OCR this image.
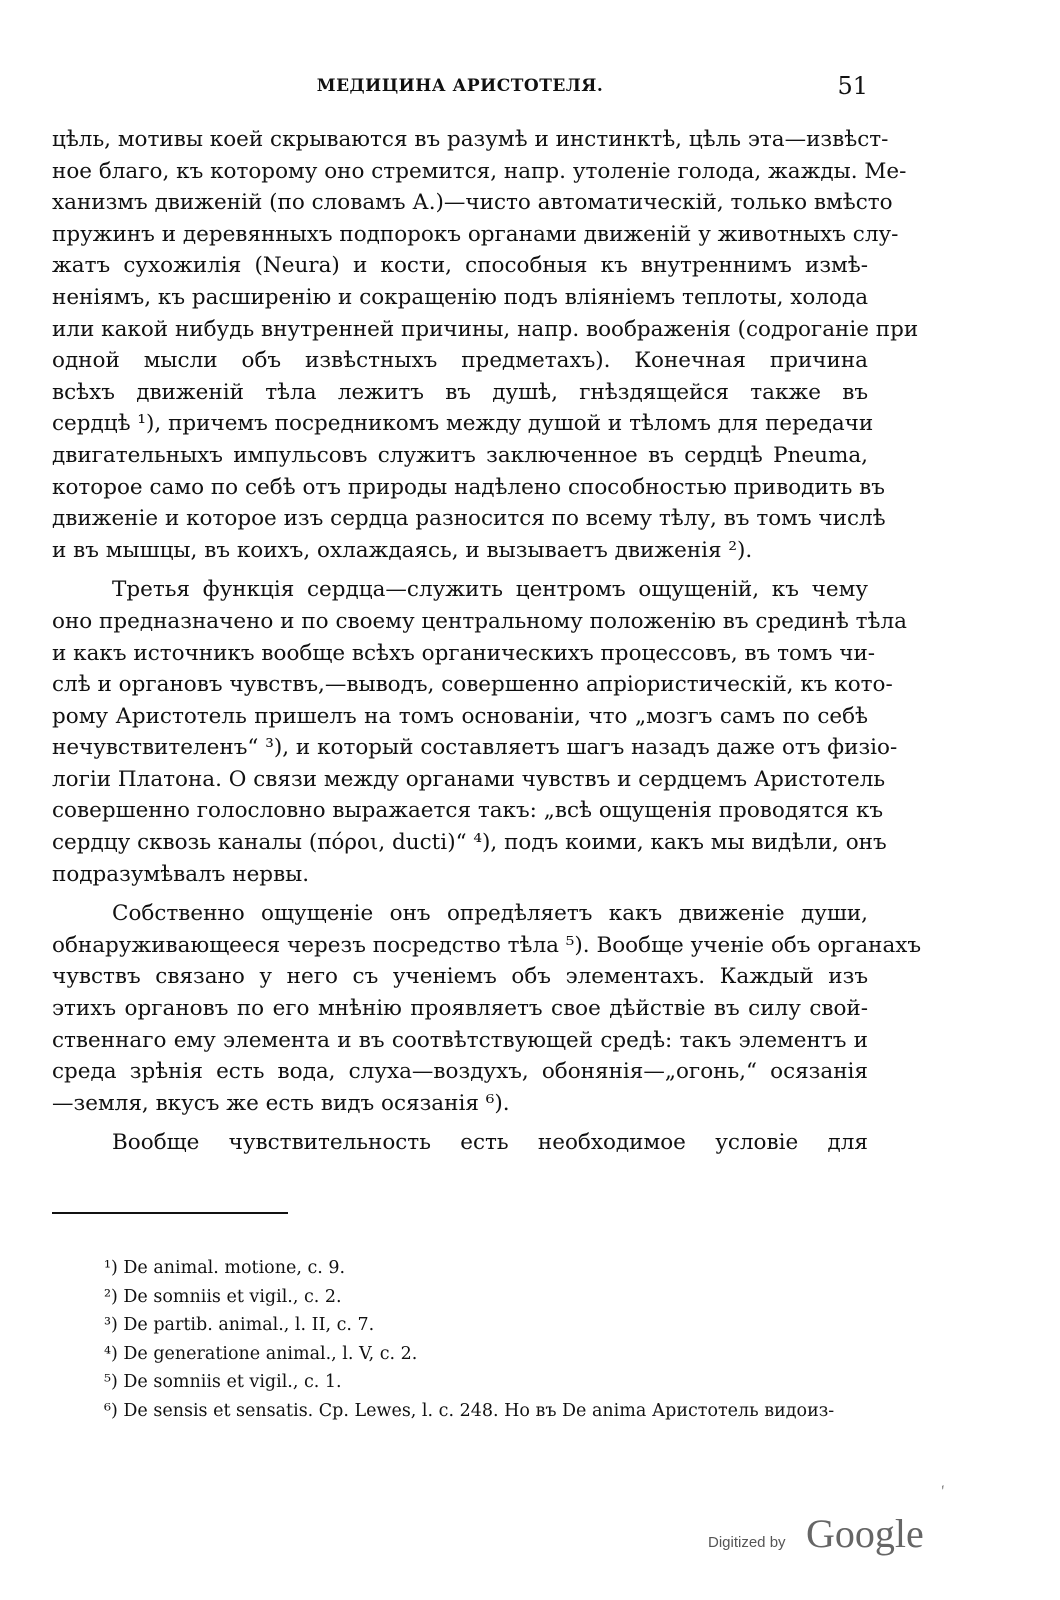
МЕДИЦИНА АРИСТОТЕЛЯ.	51
цѣль, мотивы коей скрываются въ разумѣ и инстинктѣ, цѣль эта—извѣст-
ное благо, къ которому оно стремится, напр. утоленіе голода, жажды. Ме-
ханизмъ движеній (по словамъ А.)—чисто автоматическій, только вмѣсто
пружинъ и деревянныхъ подпорокъ органами движеній у животныхъ слу-
жатъ сухожилія (Neura) и кости, способныя къ внутреннимъ измѣ-
неніямъ, къ расширенію и сокращенію подъ вліяніемъ теплоты, холода
или какой нибудь внутренней причины, напр. воображенія (содроганіе при
одной мысли объ извѣстныхъ предметахъ). Конечная причина
всѣхъ движеній тѣла лежитъ въ душѣ, гнѣздящейся также въ
сердцѣ ¹), причемъ посредникомъ между душой и тѣломъ для передачи
двигательныхъ импульсовъ служитъ заключенное въ сердцѣ Pneuma,
которое само по себѣ отъ природы надѣлено способностью приводить въ
движеніе и которое изъ сердца разносится по всему тѣлу, въ томъ числѣ
и въ мышцы, въ коихъ, охлаждаясь, и вызываетъ движенія ²).
Третья функція сердца—служить центромъ ощущеній, къ чему
оно предназначено и по своему центральному положенію въ срединѣ тѣла
и какъ источникъ вообще всѣхъ органическихъ процессовъ, въ томъ чи-
слѣ и органовъ чувствъ,—выводъ, совершенно апріористическій, къ кото-
рому Аристотель пришелъ на томъ основаніи, что „мозгъ самъ по себѣ
нечувствителенъ“ ³), и который составляетъ шагъ назадъ даже отъ физіо-
логіи Платона. О связи между органами чувствъ и сердцемъ Аристотель
совершенно голословно выражается такъ: „всѣ ощущенія проводятся къ
сердцу сквозь каналы (πόροι, ducti)“ ⁴), подъ коими, какъ мы видѣли, онъ
подразумѣвалъ нервы.
Собственно ощущеніе онъ опредѣляетъ какъ движеніе души,
обнаруживающееся черезъ посредство тѣла ⁵). Вообще ученіе объ органахъ
чувствъ связано у него съ ученіемъ объ элементахъ. Каждый изъ
этихъ органовъ по его мнѣнію проявляетъ свое дѣйствіе въ силу свой-
ственнаго ему элемента и въ соотвѣтствующей средѣ: такъ элементъ и
среда зрѣнія есть вода, слуха—воздухъ, обонянія—„огонь,“ осязанія
—земля, вкусъ же есть видъ осязанія ⁶).
Вообще чувствительность есть необходимое условіе для
¹) De animal. motione, c. 9.
²) De somniis et vigil., c. 2.
³) De partib. animal., l. II, c. 7.
⁴) De generatione animal., l. V, c. 2.
⁵) De somniis et vigil., c. 1.
⁶) De sensis et sensatis. Cp. Lewes, l. c. 248. Но въ De anima Аристотель видоиз-
Digitized by Google
′
